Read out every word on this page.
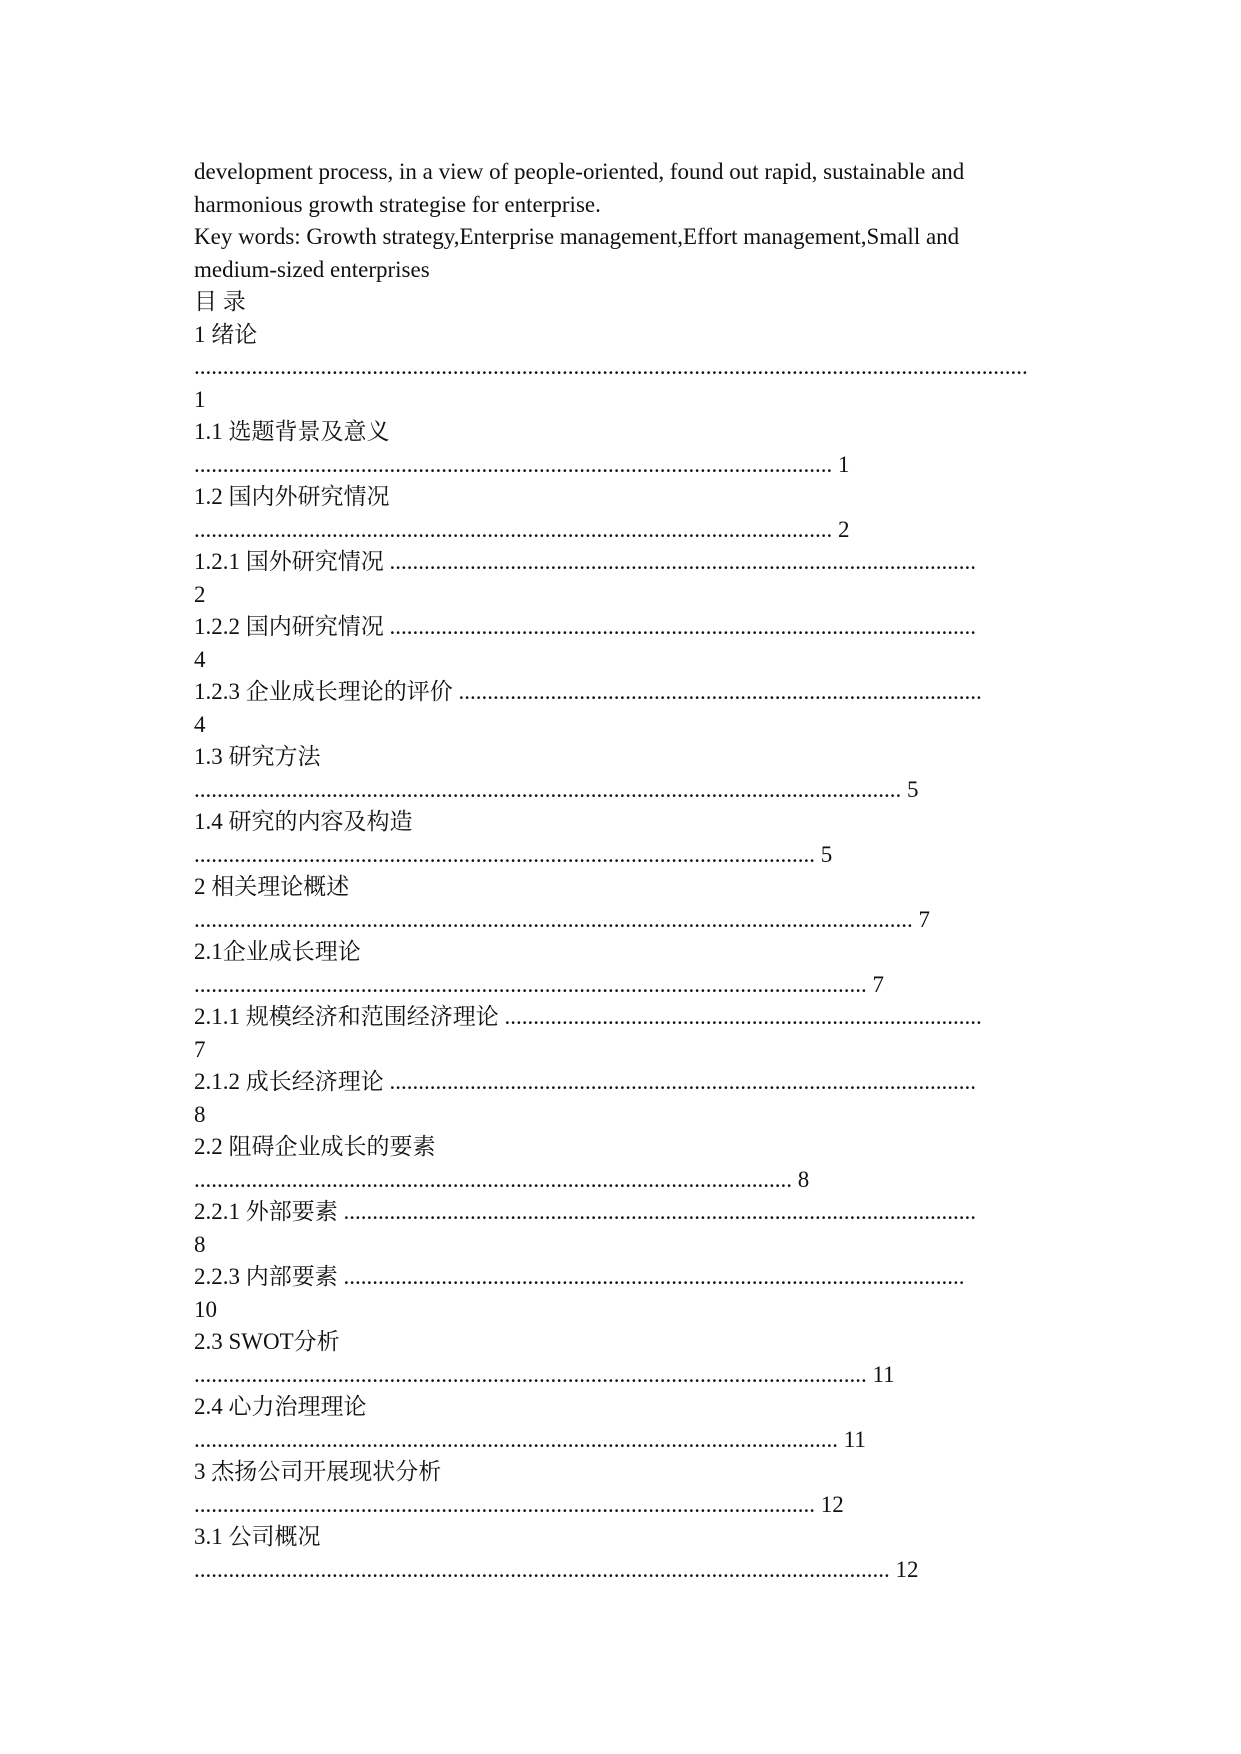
development process, in a view of people-oriented, found out rapid, sustainable and
harmonious growth strategise for enterprise.
Key words: Growth strategy,Enterprise management,Effort management,Small and
medium-sized enterprises
目 录
1 绪论
.................................................................................................................................................
1
1.1 选题背景及意义
............................................................................................................... 1
1.2 国内外研究情况
............................................................................................................... 2
1.2.1 国外研究情况 ......................................................................................................
2
1.2.2 国内研究情况 ......................................................................................................
4
1.2.3 企业成长理论的评价 ...........................................................................................
4
1.3 研究方法
........................................................................................................................... 5
1.4 研究的内容及构造
............................................................................................................ 5
2 相关理论概述
............................................................................................................................. 7
2.1企业成长理论
..................................................................................................................... 7
2.1.1 规模经济和范围经济理论 ...................................................................................
7
2.1.2 成长经济理论 ......................................................................................................
8
2.2 阻碍企业成长的要素
........................................................................................................ 8
2.2.1 外部要素 ..............................................................................................................
8
2.2.3 内部要素 ............................................................................................................
10
2.3 SWOT分析
..................................................................................................................... 11
2.4 心力治理理论
................................................................................................................ 11
3 杰扬公司开展现状分析
............................................................................................................ 12
3.1 公司概况
......................................................................................................................... 12
